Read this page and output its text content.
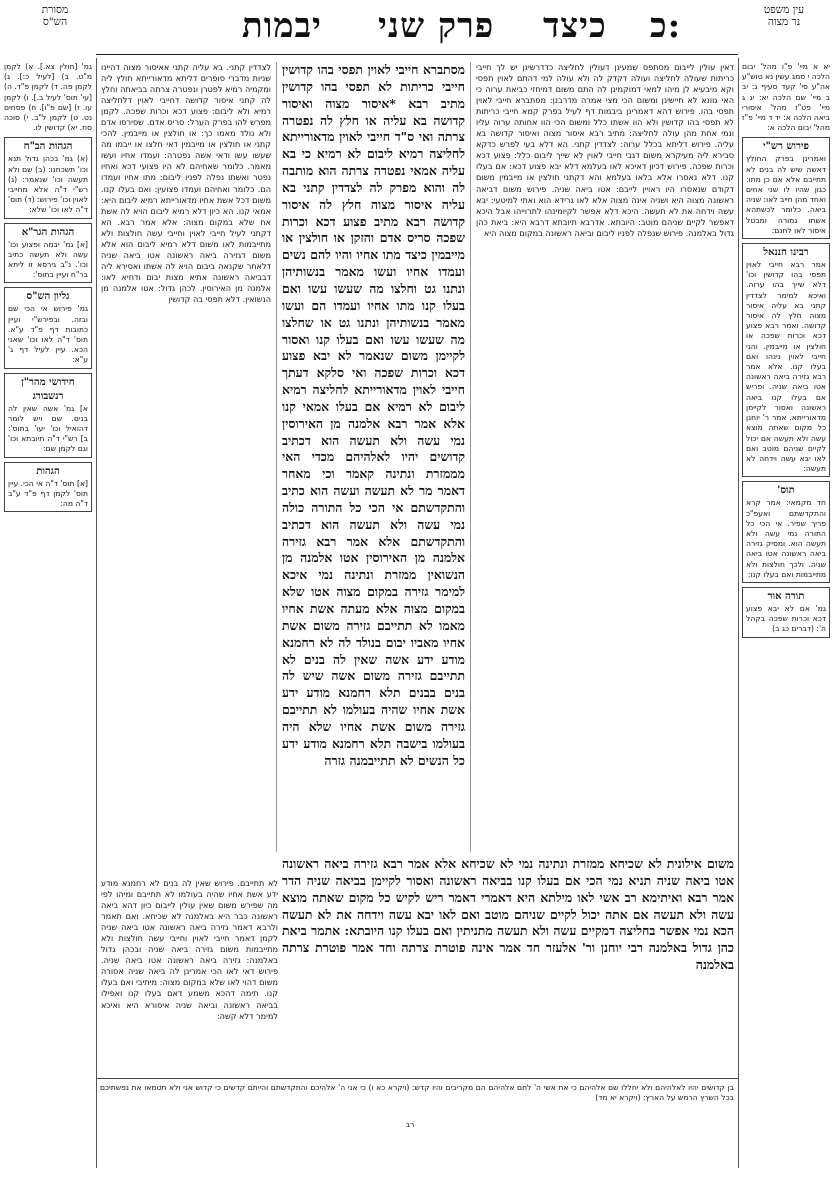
מסורת
הש"ס	יבמות פרק שני כיצד כ:	עין משפט
נר מצוה
לצדדין קתני. בא עליה קתני אאיסור מצוה דהיינו שניות מדברי סופרים דליתא מדאורייתא חולץ ליה ומקמיה רמיא לפטרן ונפטרה צרתה בביאתה וחלץ לה קתני איסור קדושה דחייבי לאוין דלחליצה רמיא ולא ליבום: פצוע דכא וכרות שפכה. לקמן מפרש להו בפרק הערל: סריס אדם. שסירסו אדם ולא נולד מאמו כך: או חולצין או מייבמין. להכי קתני או חולצין או מייבמין דאי חלצו או ייבמו מה שעשו עשו ודאי אשה נפטרה: ועמדו אחיו ועשו מאמר. כלומר שאחיהם לא היו פצועי דכא ואחיו נפטר ואשתו נפלה לפניו ליבום: מתו אחיו ועמדו הם. כלומר ואחיהם ועמדו פצועין: ואם בעלו קנו. משום דכל אשת אחיו מדאורייתא רמיא ליבום היא: אמאי קנו. הא כיון דלא רמיא ליבום הויא לה אשת אח שלא במקום מצוה: אלא אמר רבא. הא דקתני לעיל חייבי לאוין וחייבי עשה חולצות ולא מתייבמות לאו משום דלא רמיא ליבום הוא אלא משום דגזירה ביאה ראשונה אטו ביאה שניה דלאחר שקנאה ביבום הויא לה אשתו ואסירא ליה דבביאה ראשונה אתיא מצות יבום ודחיא לאו: אלמנה מן האירוסין. לכהן גדול: אטו אלמנה מן הנשואין. דלא תפסי בה קדושין
מסתברא חייבי לאוין תפסי בהו קדושין חייבי כריתות לא תפסי בהו קדושין מתיב רבא *איסור מצוה ואיסור קדושה בא עליה או חלץ לה נפטרה צרתה ואי ס"ד חייבי לאוין מדאורייתא לחליצה רמיא ליבום לא רמיא כי בא עליה אמאי נפטרה צרתה הוא מותבה לה והוא מפרק לה לצדדין קתני בא עליה איסור מצוה חלץ לה איסור קדושה רבא מתיב פצוע דכא וכרות שפכה סריס אדם והזקן או חולצין או מייבמין כיצד מתו אחיו והיו להם נשים ועמדו אחיו ועשו מאמר בנשותיהן ונתנו גט וחלצו מה שעשו עשו ואם בעלו קנו מתו אחיו ועמדו הם ועשו מאמר בנשותיהן ונתנו גט או שחלצו מה שעשו עשו ואם בעלו קנו ואסור לקיימן משום שנאמר לא יבא פצוע דכא וכרות שפכה ואי סלקא דעתך חייבי לאוין מדאורייתא לחליצה רמיא ליבום לא רמיא אם בעלו אמאי קנו אלא אמר רבא אלמנה מן האירוסין נמי עשה ולא תעשה הוא דכתיב קדושים יהיו לאלהיהם מכדי האי מממזרת ונתינה קאמר וכי מאחר דאמר מר לא תעשה ועשה הוא כתיב והתקדשתם אי הכי כל התורה כולה נמי עשה ולא תעשה הוא דכתיב והתקדשתם אלא אמר רבא גזירה אלמנה מן האירוסין אטו אלמנה מן הנשואין ממזרת ונתינה נמי איכא למימר גזירה במקום מצוה אטו שלא במקום מצוה אלא מעתה אשת אחיו מאמו לא תתייבם גזירה משום אשת אחיו מאביו יבום בנולד לה לא רחמנא מודע ידע אשה שאין לה בנים לא תתייבם גזירה משום אשה שיש לה בנים בבנים תלא רחמנא מודע ידע אשת אחיו שהיה בעולמו לא תתייבם גזירה משום אשת אחיו שלא היה בעולמו בישבה תלא רחמנא מודע ידע כל הנשים לא תתייבמנה גזרה
דאין עולין לייבום מסתפס שמעינן דעולין לחליצה כדדרשינן יש לך חייבי כריתות שעולה לחליצה ועולה דקדק לה ולא עולה למי דהתם לאוין תפסי וקא מיבעיא לן מיהו למאי דמוקמינן לה התם משום דמיחזי כביאת ערוה כי האי גוונא לא חיישינן ומשום הכי מצי אמרה מדרבנן: מסתברא חייבי לאוין תפסי בהו. פירוש דהא דאמרינן ביבמות דף לעיל בפרק קמא חייבי כריתות לא תפסי בהו קדושין ולא הוו אשתו כלל ומשום הכי הוו אחותה ערוה עליו ונמי אחת מהן עולה לחליצה: מתיב רבא איסור מצוה ואיסור קדושה בא עליה. פירוש דליתא בכלל ערוה: לצדדין קתני. הא דלא בעי לפרש כדקא סבירא ליה מעיקרא משום דגבי חייבי לאוין לא שייך ליבום כלל: פצוע דכא וכרות שפכה. פירוש דכיון דאיכא לאו בעלמא דלא יבא פצוע דכא: אם בעלו קנו. דלא נאסרו אלא בלאו בעלמא והא דקתני חולצין או מייבמין משום דקודם שנאסרו היו ראויין לייבם: אטו ביאה שניה. פירוש משום דביאה ראשונה מצוה היא ושניה אינה מצוה אלא לאו גרידא הוא ואתי למיטעי: יבא עשה וידחה את לא תעשה. היכא דלא אפשר לקיומינהו לתרוייהו אבל היכא דאפשר לקיים שניהם מוטב: היובתא. אדרבא תיובתא דרבא היא: ביאת כהן גדול באלמנה. פירוש שנפלה לפניו ליבום וביאה ראשונה במקום מצוה היא
משום אילונית לא שכיחא ממזרת ונתינה נמי לא שכיחא אלא אמר רבא גזירה ביאה ראשונה אטו ביאה שניה תניא נמי הכי אם בעלו קנו בביאה ראשונה ואסור לקיימן בביאה שניה הדר אמר רבא ואיתימא רב אשי לאו מילתא היא דאמרי דאמר ריש לקיש כל מקום שאתה מוצא עשה ולא תעשה אם אתה יכול לקיים שניהם מוטב ואם לאו יבא עשה וידחה את לא תעשה הכא נמי אפשר בחליצה דמקיים עשה ולא תעשה מתניתין ואם בעלו קנו היובתא: אתמר ביאת כהן גדול באלמנה רבי יוחנן ור' אלעזר חד אמר אינה פוטרת צרתה וחד אמר פוטרת צרתה באלמנה
יא א מיי' פ"ו מהל' יבום הלכה י סמג עשין נא טוש"ע אה"ע סי' קעד סעיף ג: יב ב מיי' שם הלכה יא: יג ג מיי' פט"ז מהל' איסורי ביאה הלכה א: יד ד מיי' פ"ז מהל' יבום הלכה א:
פירוש רש"י
ואמרינן בפרק החולץ דאשה שיש לה בנים לא תתייבם אלא אם כן מתו: כגון שהיו לו שני אחים ואחד מהן חייב לאו: שניה ביאה. כלומר לכשתהא אשתו גמורה ומבטל איסור לאו לחנם:
רבינו חננאל
אמר רבא חייבי לאוין תפסי בהו קדושין וכו' דלא שייך בהו ערוה. ואיכא למימר לצדדין קתני בא עליה איסור מצוה חלץ לה איסור קדושה. ואמר רבא פצוע דכא וכרות שפכה או חולצין או מייבמין. והני חייבי לאוין נינהו ואם בעלו קנו. אלא אמר רבא גזירה ביאה ראשונה אטו ביאה שניה. ופריש אם בעלו קנו ביאה ראשונה ואסור לקיימן מדאורייתא. אמר ר' יוחנן כל מקום שאתה מוצא עשה ולא תעשה אם יכול לקיים שניהם מוטב ואם לאו יבא עשה וידחה לא תעשה:
תוס'
חד מקמאי: אמר קרא והתקדשתם ואעפ"כ פריך שפיר. אי הכי כל התורה נמי עשה ולא תעשה הוא. ומסיק גזירה ביאה ראשונה אטו ביאה שניה. ולכך חולצות ולא מתייבמות ואם בעלו קנו:
תורה אור
גמ' אם לא יבא פצוע דכא וכרות שפכה בקהל ה': (דברים כג ב)
גמ' [חולין צא.]. א) לקמן מ"ט. ב) [לעיל כ:]. ג) לקמן פה. ד) לקמן פ"ד. ה) [עי' תוס' לעיל ב.]. ו) לקמן עו. ז) [שם פ"ו]. ח) פסחים נט. ט) לקמן ל"ב. י) סוכה סח. יא) קדושין לו.
הגהות הב"ח
(א) גמ' בכהן גדול תנא וכו' תשכחנו: (ב) שם ולא תעשה וכו' שנאמר: (ג) רש"י ד"ה אלא מחייבי לאוין וכו' פירוש: (ד) תוס' ד"ה לאו וכו' שלא:
הגהות הגר"א
[א] גמ' יבמה ופצוע וכו' עשה ולא תעשה כתיב וכו'. נ"ב גירסא זו ליתא בר"ח ועיין בתוס':
גליון הש"ס
גמ' פירוש אי הכי שם ובזה. ובפירש"י ועיין כתובות דף פ"ד ע"א. תוס' ד"ה לאו וכו' שאני הכא. עיין לעיל דף ג' ע"א:
חידושי מהר"ן רנשבורג
א] גמ' אשה שאין לה בנים. שם ויש לומר דהואיל וכו' יעו' בתוס': ב] רש"י ד"ה תיובתא וכו' וגם לקמן שם:
הגהות
[א] תוס' ד"ה אי הכי. עיין תוס' לקמן דף פ"ד ע"ב ד"ה מה:
לא תתייבם. פירוש שאין לה בנים לא רחמנא מודע ידע אשת אחיו שהיה בעולמו לא תתייבם ומיהו לפי מה שפירש משום שאין עולין לייבום כיון דהא ביאה ראשונה כבר היא באלמנה לא שכיחא. ואם תאמר ולרבא דאמר גזירה ביאה ראשונה אטו ביאה שניה לקמן דאמר חייבי לאוין וחייבי עשה חולצות ולא מתייבמות משום גזירה ביאה שניה ובכהן גדול באלמנה: גזירה ביאה ראשונה אטו ביאה שניה. פירוש דאי לאו הכי אמרינן לה ביאה שניה אסורה משום דהוי לאו שלא במקום מצוה: מיתיבי ואם בעלו קנו. תימה דהכא משמע דאם בעלו קנו ואפילו בביאה ראשונה וביאה שניה איסורא היא ואיכא למימר דלא קשה:
בן קדושים יהיו לאלהיהם ולא יחללו שם אלהיהם כי את אשי ה' לחם אלהיהם הם מקריבים והיו קדש: (ויקרא כא ו) כי אני ה' אלהיכם והתקדשתם והייתם קדשים כי קדוש אני ולא תטמאו את נפשתיכם בכל השרץ הרמש על הארץ: (ויקרא יא מד)
רב
